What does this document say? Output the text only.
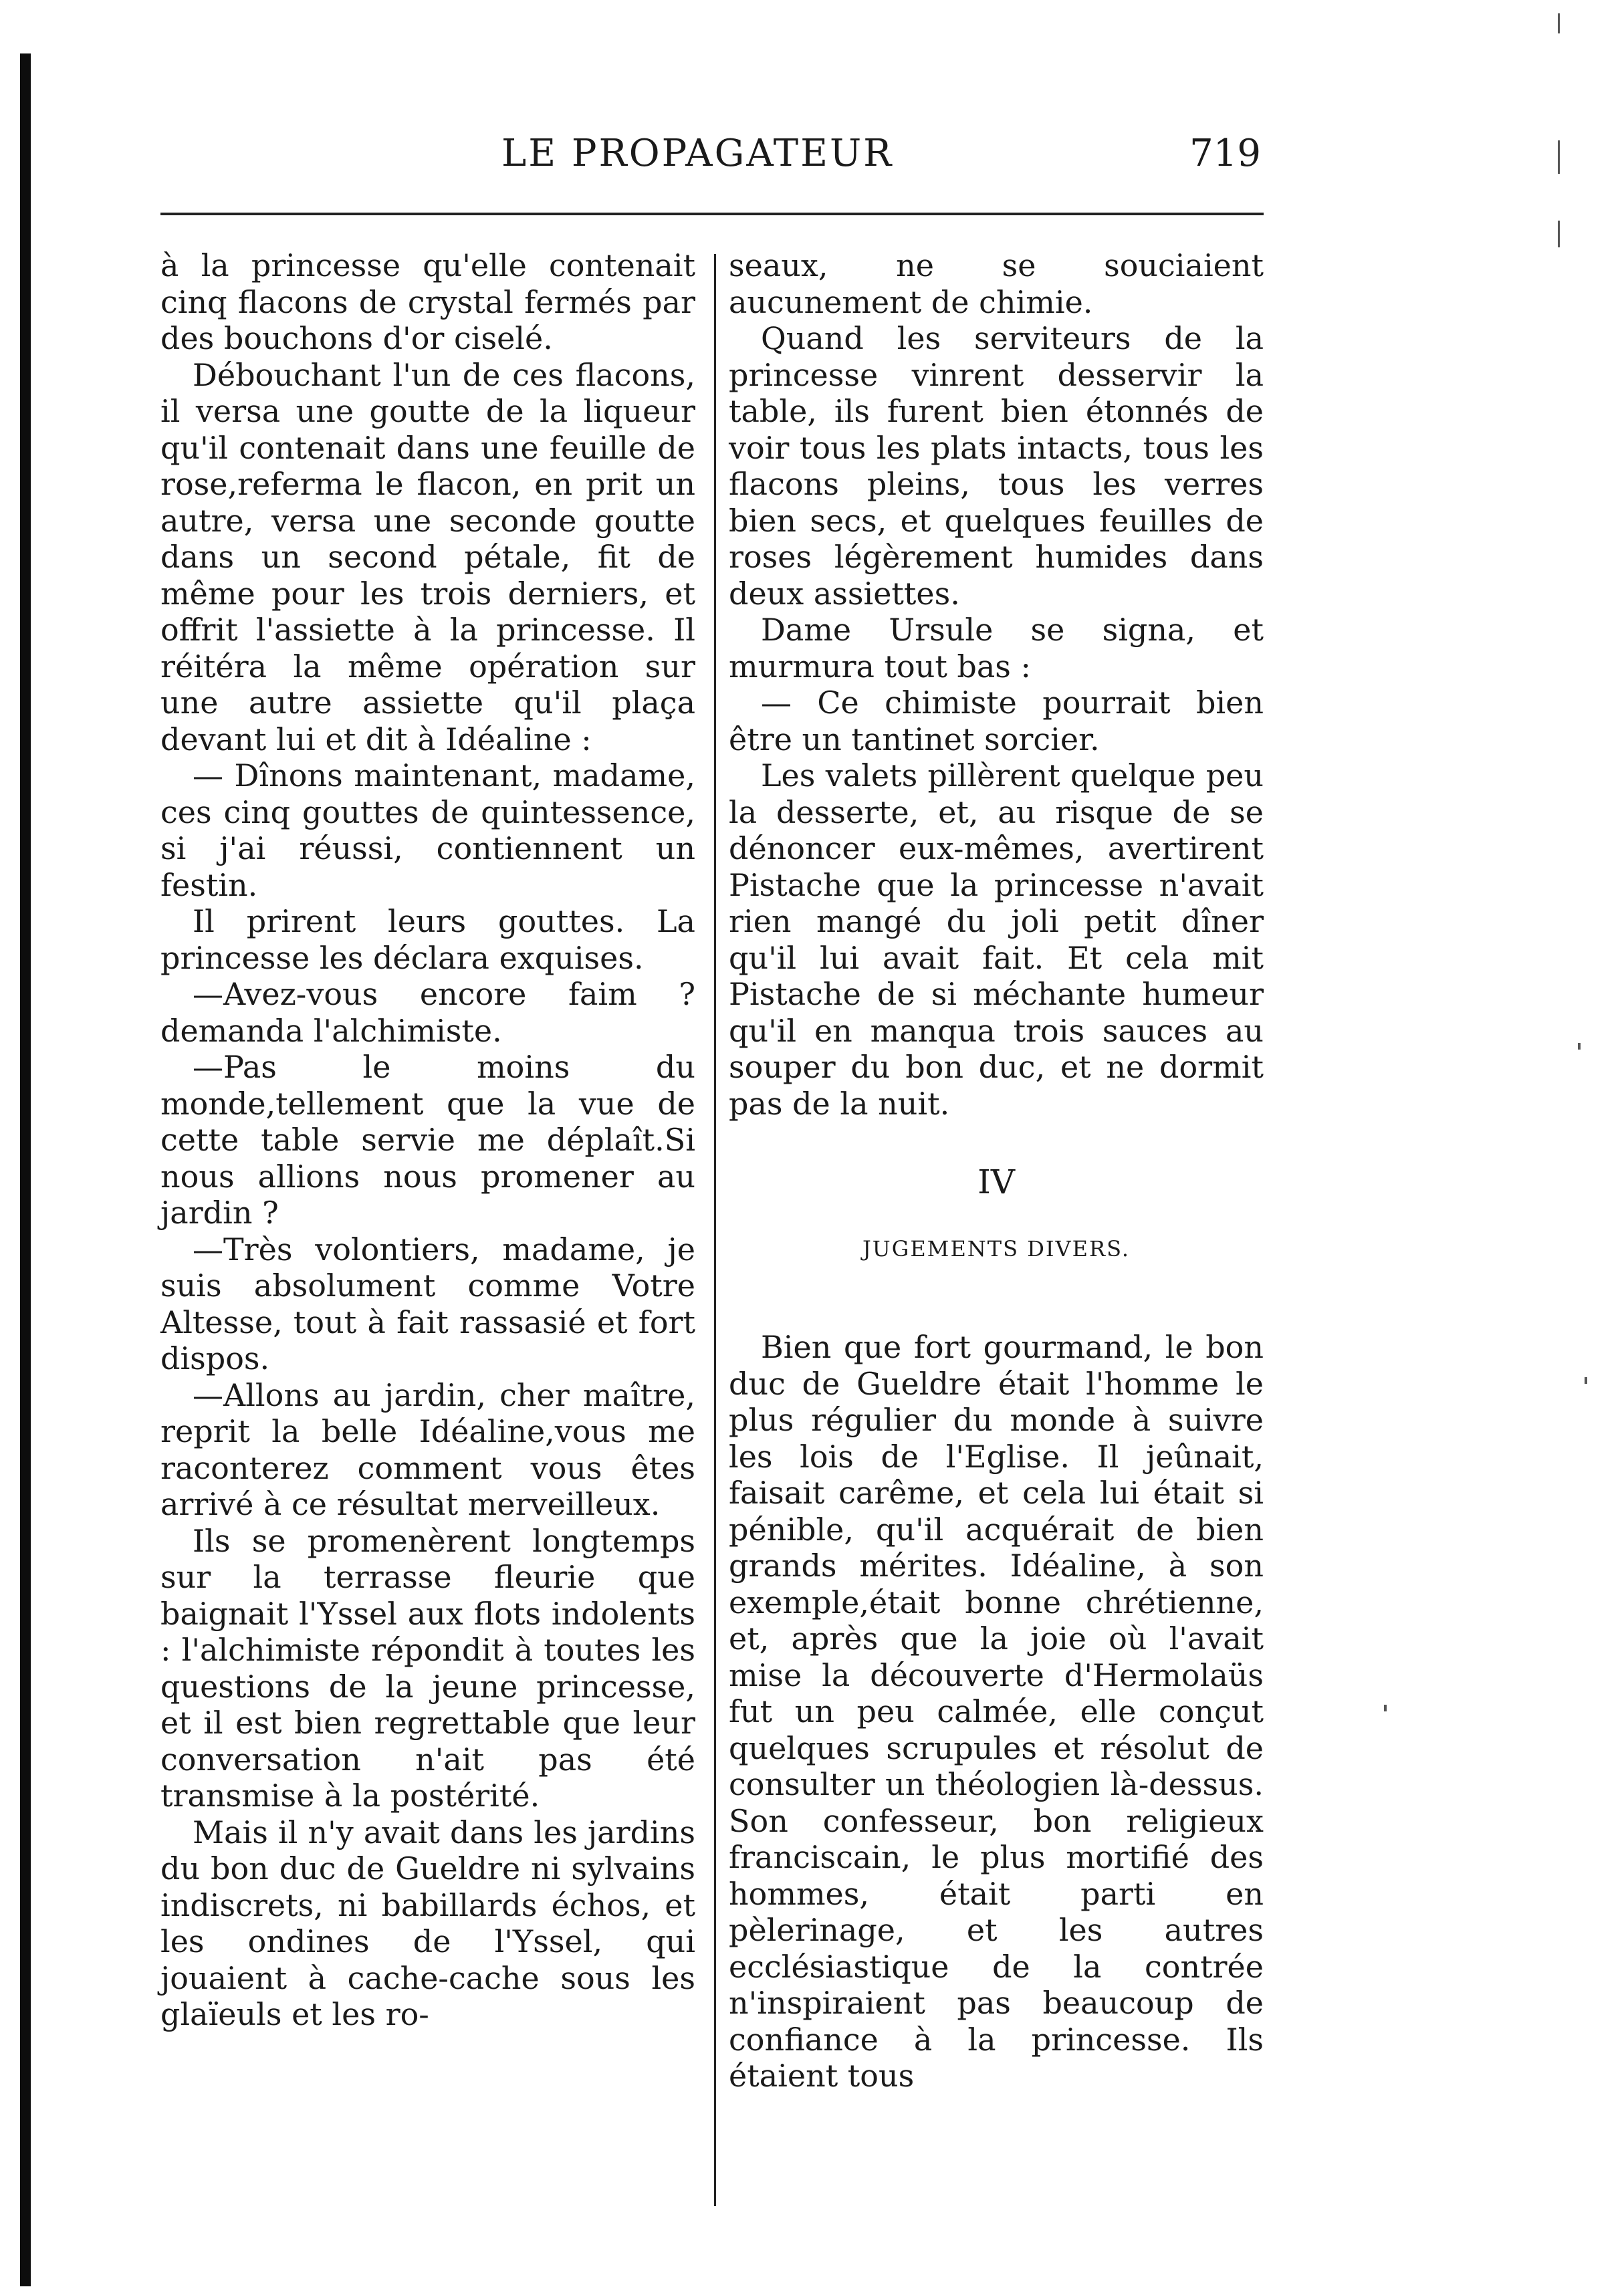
LE PROPAGATEUR	719

à la princesse qu'elle contenait cinq flacons de crystal fermés par des bouchons d'or ciselé.

Débouchant l'un de ces flacons, il versa une goutte de la liqueur qu'il contenait dans une feuille de rose,referma le flacon, en prit un autre, versa une seconde goutte dans un second pétale, fit de même pour les trois derniers, et offrit l'assiette à la princesse. Il réitéra la même opération sur une autre assiette qu'il plaça devant lui et dit à Idéaline :

— Dînons maintenant, madame, ces cinq gouttes de quintessence, si j'ai réussi, contiennent un festin.

Il prirent leurs gouttes. La princesse les déclara exquises.

—Avez-vous encore faim ? demanda l'alchimiste.

—Pas le moins du monde,tellement que la vue de cette table servie me déplaît.Si nous allions nous promener au jardin ?

—Très volontiers, madame, je suis absolument comme Votre Altesse, tout à fait rassasié et fort dispos.

—Allons au jardin, cher maître, reprit la belle Idéaline,vous me raconterez comment vous êtes arrivé à ce résultat merveilleux.

Ils se promenèrent longtemps sur la terrasse fleurie que baignait l'Yssel aux flots indolents : l'alchimiste répondit à toutes les questions de la jeune princesse, et il est bien regrettable que leur conversation n'ait pas été transmise à la postérité.

Mais il n'y avait dans les jardins du bon duc de Gueldre ni sylvains indiscrets, ni babillards échos, et les ondines de l'Yssel, qui jouaient à cache-cache sous les glaïeuls et les ro-

seaux, ne se souciaient aucunement de chimie.

Quand les serviteurs de la princesse vinrent desservir la table, ils furent bien étonnés de voir tous les plats intacts, tous les flacons pleins, tous les verres bien secs, et quelques feuilles de roses légèrement humides dans deux assiettes.

Dame Ursule se signa, et murmura tout bas :

— Ce chimiste pourrait bien être un tantinet sorcier.

Les valets pillèrent quelque peu la desserte, et, au risque de se dénoncer eux-mêmes, avertirent Pistache que la princesse n'avait rien mangé du joli petit dîner qu'il lui avait fait. Et cela mit Pistache de si méchante humeur qu'il en manqua trois sauces au souper du bon duc, et ne dormit pas de la nuit.

IV
JUGEMENTS DIVERS.

Bien que fort gourmand, le bon duc de Gueldre était l'homme le plus régulier du monde à suivre les lois de l'Eglise. Il jeûnait, faisait carême, et cela lui était si pénible, qu'il acquérait de bien grands mérites. Idéaline, à son exemple,était bonne chrétienne, et, après que la joie où l'avait mise la découverte d'Hermolaüs fut un peu calmée, elle conçut quelques scrupules et résolut de consulter un théologien là-dessus. Son confesseur, bon religieux franciscain, le plus mortifié des hommes, était parti en pèlerinage, et les autres ecclésiastique de la contrée n'inspiraient pas beaucoup de confiance à la princesse. Ils étaient tous
